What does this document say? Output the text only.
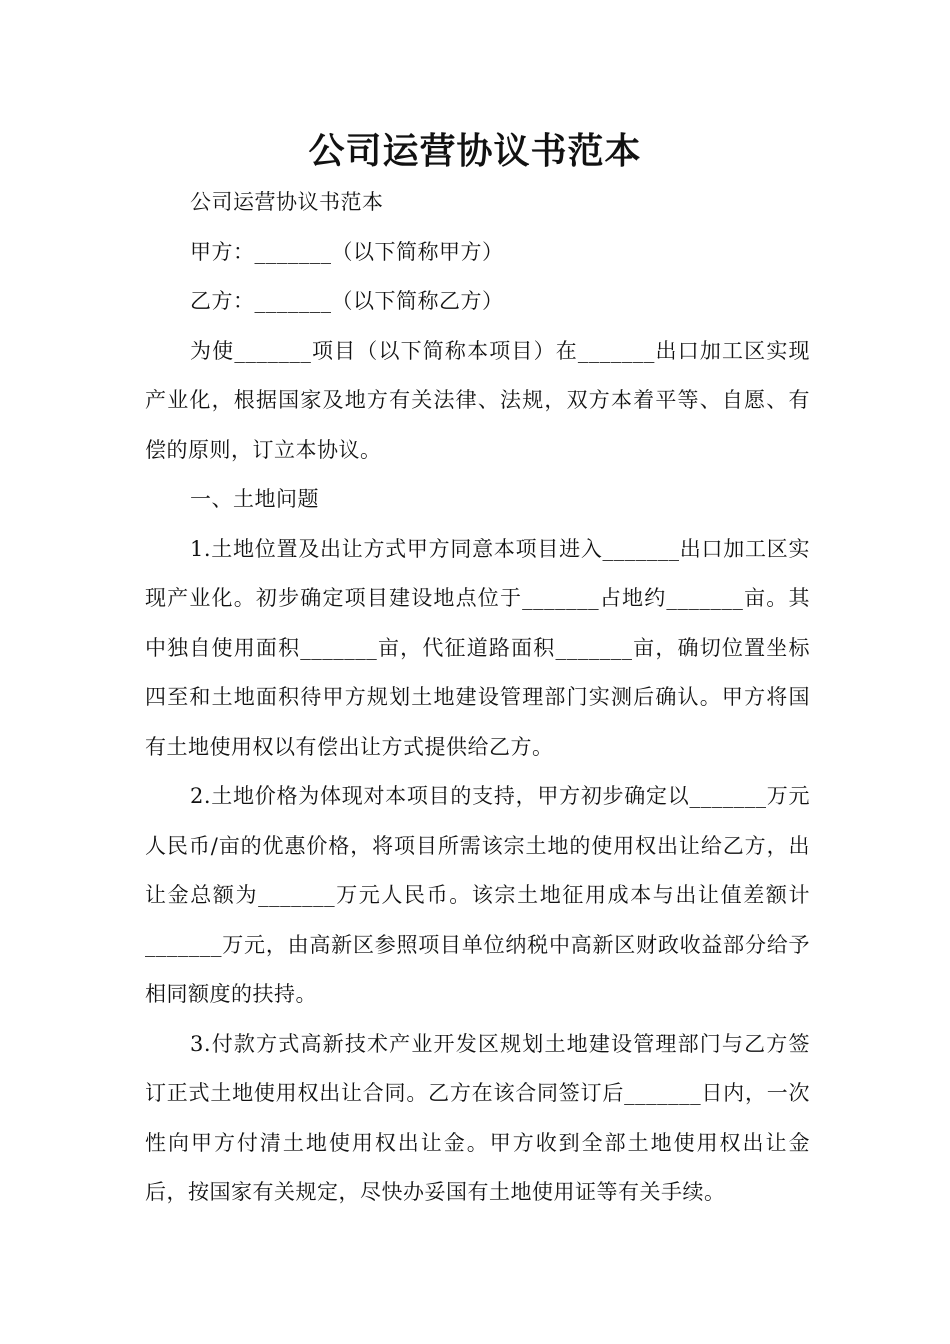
公司运营协议书范本

公司运营协议书范本

甲方：_______（以下简称甲方）

乙方：_______（以下简称乙方）

为使_______项目（以下简称本项目）在_______出口加工区实现产业化，根据国家及地方有关法律、法规，双方本着平等、自愿、有偿的原则，订立本协议。

一、土地问题

1.土地位置及出让方式甲方同意本项目进入_______出口加工区实现产业化。初步确定项目建设地点位于_______占地约_______亩。其中独自使用面积_______亩，代征道路面积_______亩，确切位置坐标四至和土地面积待甲方规划土地建设管理部门实测后确认。甲方将国有土地使用权以有偿出让方式提供给乙方。

2.土地价格为体现对本项目的支持，甲方初步确定以_______万元人民币/亩的优惠价格，将项目所需该宗土地的使用权出让给乙方，出让金总额为_______万元人民币。该宗土地征用成本与出让值差额计_______万元，由高新区参照项目单位纳税中高新区财政收益部分给予相同额度的扶持。

3.付款方式高新技术产业开发区规划土地建设管理部门与乙方签订正式土地使用权出让合同。乙方在该合同签订后_______日内，一次性向甲方付清土地使用权出让金。甲方收到全部土地使用权出让金后，按国家有关规定，尽快办妥国有土地使用证等有关手续。
